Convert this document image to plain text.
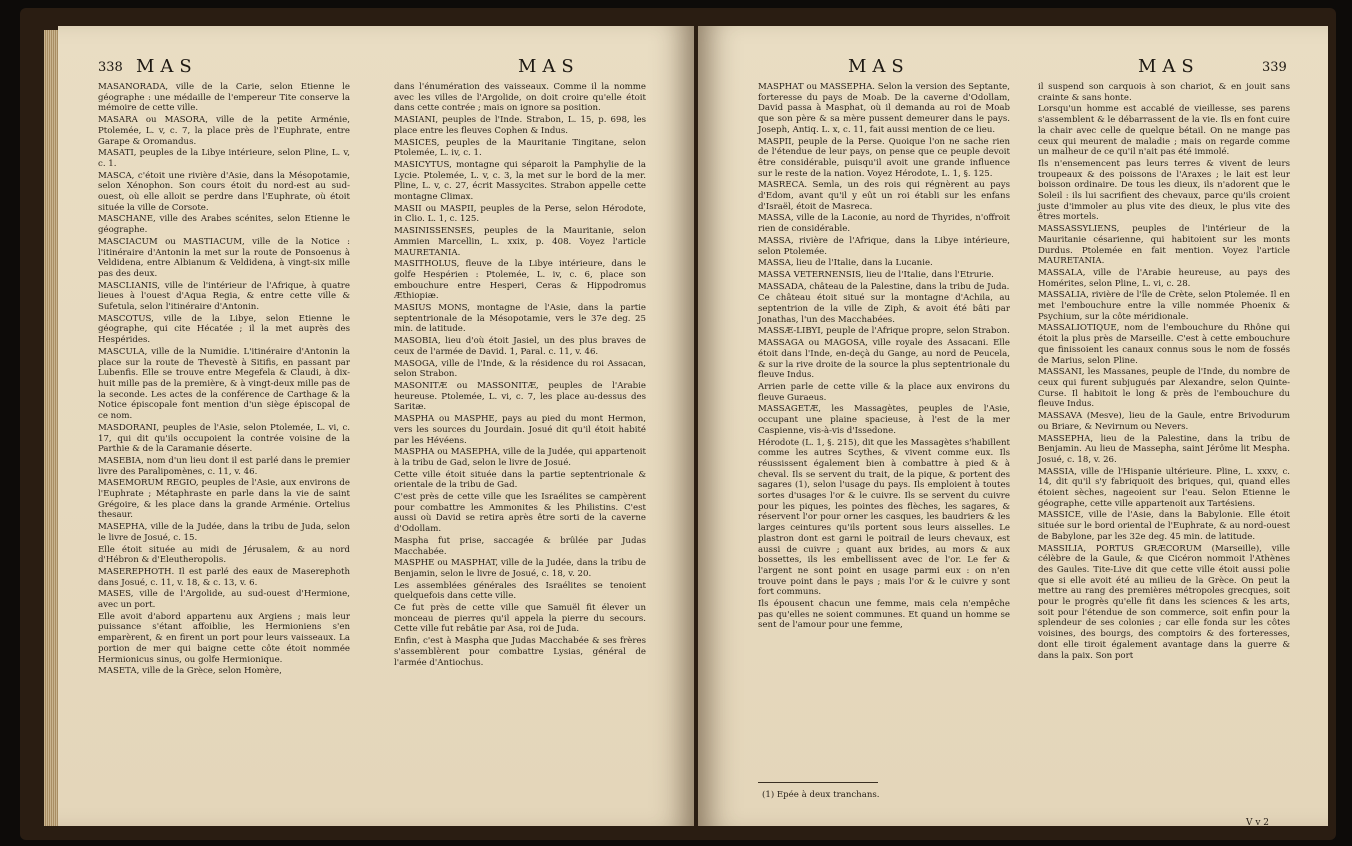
338 MAS	MAS

MASANORADA, ville de la Carie, selon Etienne le géographe : une médaille de l'empereur Tite conserve la mémoire de cette ville.

MASARA ou MASORA, ville de la petite Arménie, Ptolemée, L. v, c. 7, la place près de l'Euphrate, entre Garape & Oromandus.

MASATI, peuples de la Libye intérieure, selon Pline, L. v, c. 1.

MASCA, c'étoit une rivière d'Asie, dans la Mésopotamie, selon Xénophon. Son cours étoit du nord-est au sud-ouest, où elle alloit se perdre dans l'Euphrate, où étoit située la ville de Corsote.

MASCHANE, ville des Arabes scénites, selon Etienne le géographe.

MASCIACUM ou MASTIACUM, ville de la Notice : l'itinéraire d'Antonin la met sur la route de Ponsoenus à Veldidena, entre Albianum & Veldidena, à vingt-six mille pas des deux.

MASCLIANIS, ville de l'intérieur de l'Afrique, à quatre lieues à l'ouest d'Aqua Regia, & entre cette ville & Sufetula, selon l'itinéraire d'Antonin.

MASCOTUS, ville de la Libye, selon Etienne le géographe, qui cite Hécatée ; il la met auprès des Hespérides.

MASCULA, ville de la Numidie. L'itinéraire d'Antonin la place sur la route de Thevestè à Sitifis, en passant par Lubenfis. Elle se trouve entre Megefela & Claudi, à dix-huit mille pas de la première, & à vingt-deux mille pas de la seconde. Les actes de la conférence de Carthage & la Notice épiscopale font mention d'un siège épiscopal de ce nom.

MASDORANI, peuples de l'Asie, selon Ptolemée, L. vi, c. 17, qui dit qu'ils occupoient la contrée voisine de la Parthie & de la Caramanie déserte.

MASEBIA, nom d'un lieu dont il est parlé dans le premier livre des Paralipomènes, c. 11, v. 46.

MASEMORUM REGIO, peuples de l'Asie, aux environs de l'Euphrate ; Métaphraste en parle dans la vie de saint Grégoire, & les place dans la grande Arménie. Ortelius thesaur.

MASEPHA, ville de la Judée, dans la tribu de Juda, selon le livre de Josué, c. 15.

Elle étoit située au midi de Jérusalem, & au nord d'Hébron & d'Eleutheropolis.

MASEREPHOTH. Il est parlé des eaux de Maserephoth dans Josué, c. 11, v. 18, & c. 13, v. 6.

MASES, ville de l'Argolide, au sud-ouest d'Hermione, avec un port.

Elle avoit d'abord appartenu aux Argiens ; mais leur puissance s'étant affoiblie, les Hermioniens s'en emparèrent, & en firent un port pour leurs vaisseaux. La portion de mer qui baigne cette côte étoit nommée Hermionicus sinus, ou golfe Hermionique.

MASETA, ville de la Grèce, selon Homère,

dans l'énumération des vaisseaux. Comme il la nomme avec les villes de l'Argolide, on doit croire qu'elle étoit dans cette contrée ; mais on ignore sa position.

MASIANI, peuples de l'Inde. Strabon, L. 15, p. 698, les place entre les fleuves Cophen & Indus.

MASICES, peuples de la Mauritanie Tingitane, selon Ptolemée, L. iv, c. 1.

MASICYTUS, montagne qui séparoit la Pamphylie de la Lycie. Ptolemée, L. v, c. 3, la met sur le bord de la mer. Pline, L. v, c. 27, écrit Massycites. Strabon appelle cette montagne Climax.

MASII ou MASPII, peuples de la Perse, selon Hérodote, in Clio. L. 1, c. 125.

MASINISSENSES, peuples de la Mauritanie, selon Ammien Marcellin, L. xxix, p. 408. Voyez l'article MAURETANIA.

MASITHOLUS, fleuve de la Libye intérieure, dans le golfe Hespérien : Ptolemée, L. iv, c. 6, place son embouchure entre Hesperi, Ceras & Hippodromus Æthiopiæ.

MASIUS MONS, montagne de l'Asie, dans la partie septentrionale de la Mésopotamie, vers le 37e deg. 25 min. de latitude.

MASOBIA, lieu d'où étoit Jasiel, un des plus braves de ceux de l'armée de David. 1, Paral. c. 11, v. 46.

MASOGA, ville de l'Inde, & la résidence du roi Assacan, selon Strabon.

MASONITÆ ou MASSONITÆ, peuples de l'Arabie heureuse. Ptolemée, L. vi, c. 7, les place au-dessus des Saritæ.

MASPHA ou MASPHE, pays au pied du mont Hermon, vers les sources du Jourdain. Josué dit qu'il étoit habité par les Hévéens.

MASPHA ou MASEPHA, ville de la Judée, qui appartenoit à la tribu de Gad, selon le livre de Josué.

Cette ville étoit située dans la partie septentrionale & orientale de la tribu de Gad.

C'est près de cette ville que les Israélites se campèrent pour combattre les Ammonites & les Philistins. C'est aussi où David se retira après être sorti de la caverne d'Odollam.

Maspha fut prise, saccagée & brûlée par Judas Macchabée.

MASPHE ou MASPHAT, ville de la Judée, dans la tribu de Benjamin, selon le livre de Josué, c. 18, v. 20.

Les assemblées générales des Israélites se tenoient quelquefois dans cette ville.

Ce fut près de cette ville que Samuël fit élever un monceau de pierres qu'il appela la pierre du secours. Cette ville fut rebâtie par Asa, roi de Juda.

Enfin, c'est à Maspha que Judas Macchabée & ses frères s'assemblèrent pour combattre Lysias, général de l'armée d'Antiochus.

MAS	MAS	339

MASPHAT ou MASSEPHA. Selon la version des Septante, forteresse du pays de Moab. De la caverne d'Odollam, David passa à Masphat, où il demanda au roi de Moab que son père & sa mère pussent demeurer dans le pays. Joseph, Antiq. L. x, c. 11, fait aussi mention de ce lieu.

MASPII, peuple de la Perse. Quoique l'on ne sache rien de l'étendue de leur pays, on pense que ce peuple devoit être considérable, puisqu'il avoit une grande influence sur le reste de la nation. Voyez Hérodote, L. 1, §. 125.

MASRECA. Semla, un des rois qui régnèrent au pays d'Edom, avant qu'il y eût un roi établi sur les enfans d'Israël, étoit de Masreca.

MASSA, ville de la Laconie, au nord de Thyrides, n'offroit rien de considérable.

MASSA, rivière de l'Afrique, dans la Libye intérieure, selon Ptolemée.

MASSA, lieu de l'Italie, dans la Lucanie.

MASSA VETERNENSIS, lieu de l'Italie, dans l'Etrurie.

MASSADA, château de la Palestine, dans la tribu de Juda.

Ce château étoit situé sur la montagne d'Achila, au septentrion de la ville de Ziph, & avoit été bâti par Jonathas, l'un des Macchabées.

MASSÆ-LIBYI, peuple de l'Afrique propre, selon Strabon.

MASSAGA ou MAGOSA, ville royale des Assacani. Elle étoit dans l'Inde, en-deçà du Gange, au nord de Peucela, & sur la rive droite de la source la plus septentrionale du fleuve Indus.

Arrien parle de cette ville & la place aux environs du fleuve Guraeus.

MASSAGETÆ, les Massagètes, peuples de l'Asie, occupant une plaine spacieuse, à l'est de la mer Caspienne, vis-à-vis d'Issedone.

Hérodote (L. 1, §. 215), dit que les Massagètes s'habillent comme les autres Scythes, & vivent comme eux. Ils réussissent également bien à combattre à pied & à cheval. Ils se servent du trait, de la pique, & portent des sagares (1), selon l'usage du pays. Ils emploient à toutes sortes d'usages l'or & le cuivre. Ils se servent du cuivre pour les piques, les pointes des flèches, les sagares, & réservent l'or pour orner les casques, les baudriers & les larges ceintures qu'ils portent sous leurs aisselles. Le plastron dont est garni le poitrail de leurs chevaux, est aussi de cuivre ; quant aux brides, au mors & aux bossettes, ils les embellissent avec de l'or. Le fer & l'argent ne sont point en usage parmi eux : on n'en trouve point dans le pays ; mais l'or & le cuivre y sont fort communs.

Ils épousent chacun une femme, mais cela n'empêche pas qu'elles ne soient communes. Et quand un homme se sent de l'amour pour une femme,

il suspend son carquois à son chariot, & en jouit sans crainte & sans honte.

Lorsqu'un homme est accablé de vieillesse, ses parens s'assemblent & le débarrassent de la vie. Ils en font cuire la chair avec celle de quelque bétail. On ne mange pas ceux qui meurent de maladie ; mais on regarde comme un malheur de ce qu'il n'ait pas été immolé.

Ils n'ensemencent pas leurs terres & vivent de leurs troupeaux & des poissons de l'Araxes ; le lait est leur boisson ordinaire. De tous les dieux, ils n'adorent que le Soleil : ils lui sacrifient des chevaux, parce qu'ils croient juste d'immoler au plus vite des dieux, le plus vite des êtres mortels.

MASSASSYLIENS, peuples de l'intérieur de la Mauritanie césarienne, qui habitoient sur les monts Durdus. Ptolemée en fait mention. Voyez l'article MAURETANIA.

MASSALA, ville de l'Arabie heureuse, au pays des Homérites, selon Pline, L. vi, c. 28.

MASSALIA, rivière de l'île de Crète, selon Ptolemée. Il en met l'embouchure entre la ville nommée Phoenix & Psychium, sur la côte méridionale.

MASSALIOTIQUE, nom de l'embouchure du Rhône qui étoit la plus près de Marseille. C'est à cette embouchure que finissoient les canaux connus sous le nom de fossés de Marius, selon Pline.

MASSANI, les Massanes, peuple de l'Inde, du nombre de ceux qui furent subjugués par Alexandre, selon Quinte-Curse. Il habitoit le long & près de l'embouchure du fleuve Indus.

MASSAVA (Mesve), lieu de la Gaule, entre Brivodurum ou Briare, & Nevirnum ou Nevers.

MASSEPHA, lieu de la Palestine, dans la tribu de Benjamin. Au lieu de Massepha, saint Jérôme lit Mespha. Josué, c. 18, v. 26.

MASSIA, ville de l'Hispanie ultérieure. Pline, L. xxxv, c. 14, dit qu'il s'y fabriquoit des briques, qui, quand elles étoient sèches, nageoient sur l'eau. Selon Etienne le géographe, cette ville appartenoit aux Tartésiens.

MASSICE, ville de l'Asie, dans la Babylonie. Elle étoit située sur le bord oriental de l'Euphrate, & au nord-ouest de Babylone, par les 32e deg. 45 min. de latitude.

MASSILIA, PORTUS GRÆCORUM (Marseille), ville célèbre de la Gaule, & que Cicéron nommoit l'Athènes des Gaules. Tite-Live dit que cette ville étoit aussi polie que si elle avoit été au milieu de la Grèce. On peut la mettre au rang des premières métropoles grecques, soit pour le progrès qu'elle fit dans les sciences & les arts, soit pour l'étendue de son commerce, soit enfin pour la splendeur de ses colonies ; car elle fonda sur les côtes voisines, des bourgs, des comptoirs & des forteresses, dont elle tiroit également avantage dans la guerre & dans la paix. Son port

(1) Epée à deux tranchans.
V v 2
